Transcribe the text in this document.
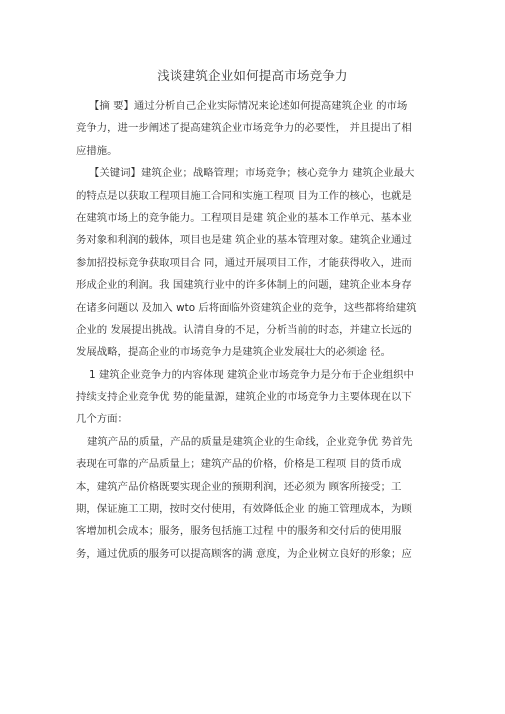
浅谈建筑企业如何提高市场竞争力
【摘 要】通过分析自己企业实际情况来论述如何提高建筑企业 的市场
竞争力，进一步阐述了提高建筑企业市场竞争力的必要性， 并且提出了相
应措施。
【关键词】建筑企业；战略管理；市场竞争；核心竞争力 建筑企业最大
的特点是以获取工程项目施工合同和实施工程项 目为工作的核心，也就是
在建筑市场上的竞争能力。工程项目是建 筑企业的基本工作单元、基本业
务对象和利润的载体，项目也是建 筑企业的基本管理对象。建筑企业通过
参加招投标竞争获取项目合 同，通过开展项目工作，才能获得收入，进而
形成企业的利润。我 国建筑行业中的许多体制上的问题，建筑企业本身存
在诸多问题以 及加入 wto 后将面临外资建筑企业的竞争，这些都将给建筑
企业的 发展提出挑战。认清自身的不足，分析当前的时态，并建立长远的
发展战略，提高企业的市场竞争力是建筑企业发展壮大的必须途 径。
1 建筑企业竞争力的内容体现 建筑企业市场竞争力是分布于企业组织中
持续支持企业竞争优 势的能量源，建筑企业的市场竞争力主要体现在以下
几个方面：
建筑产品的质量，产品的质量是建筑企业的生命线，企业竞争优 势首先
表现在可靠的产品质量上；建筑产品的价格，价格是工程项 目的货币成
本，建筑产品价格既要实现企业的预期利润，还必须为 顾客所接受；工
期，保证施工工期，按时交付使用，有效降低企业 的施工管理成本，为顾
客增加机会成本；服务，服务包括施工过程 中的服务和交付后的使用服
务，通过优质的服务可以提高顾客的满 意度，为企业树立良好的形象；应
